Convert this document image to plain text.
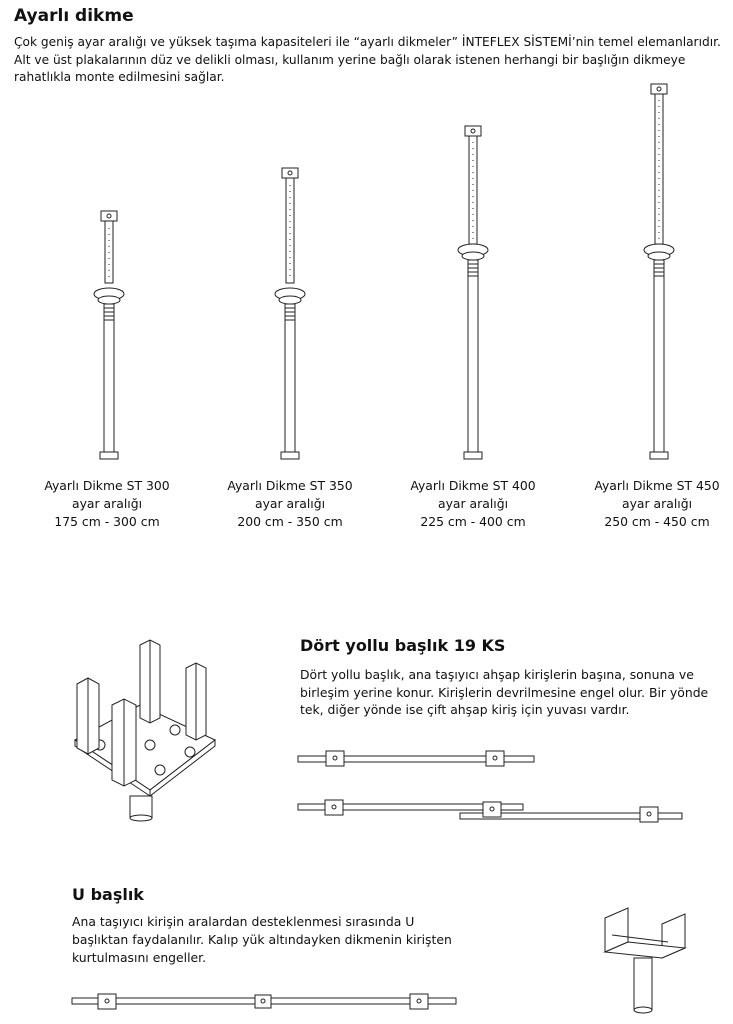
Ayarlı dikme
Çok geniş ayar aralığı ve yüksek taşıma kapasiteleri ile “ayarlı dikmeler” İNTEFLEX SİSTEMİ’nin temel elemanlarıdır. Alt ve üst plakalarının düz ve delikli olması, kullanım yerine bağlı olarak istenen herhangi bir başlığın dikmeye rahatlıkla monte edilmesini sağlar.
Ayarlı Dikme ST 300
ayar aralığı
175 cm - 300 cm
Ayarlı Dikme ST 350
ayar aralığı
200 cm - 350 cm
Ayarlı Dikme ST 400
ayar aralığı
225 cm - 400 cm
Ayarlı Dikme ST 450
ayar aralığı
250 cm - 450 cm
Dört yollu başlık 19 KS
Dört yollu başlık, ana taşıyıcı ahşap kirişlerin başına, sonuna ve birleşim yerine konur. Kirişlerin devrilmesine engel olur. Bir yönde tek, diğer yönde ise çift ahşap kiriş için yuvası vardır.
U başlık
Ana taşıyıcı kirişin aralardan desteklenmesi sırasında U başlıktan faydalanılır. Kalıp yük altındayken dikmenin kirişten kurtulmasını engeller.
